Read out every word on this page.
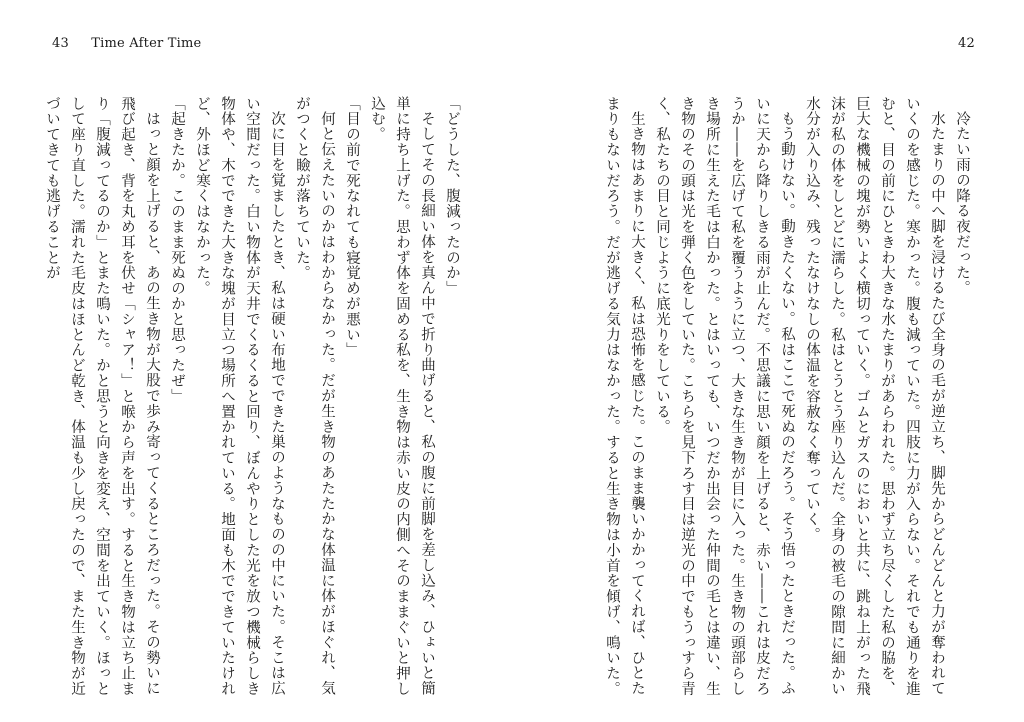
43 Time After Time	42

冷たい雨の降る夜だった。

水たまりの中へ脚を浸けるたび全身の毛が逆立ち、脚先からどんどんと力が奪われていくのを感じた。寒かった。腹も減っていた。四肢に力が入らない。それでも通りを進むと、目の前にひときわ大きな水たまりがあらわれた。思わず立ち尽くした私の脇を、巨大な機械の塊が勢いよく横切っていく。ゴムとガスのにおいと共に、跳ね上がった飛沫が私の体をしとどに濡らした。私はとうとう座り込んだ。全身の被毛の隙間に細かい水分が入り込み、残ったなけなしの体温を容赦なく奪っていく。

もう動けない。動きたくない。私はここで死ぬのだろう。そう悟ったときだった。ふいに天から降りしきる雨が止んだ。不思議に思い顔を上げると、赤い――これは皮だろうか――を広げて私を覆うように立つ、大きな生き物が目に入った。生き物の頭部らしき場所に生えた毛は白かった。とはいっても、いつだか出会った仲間の毛とは違い、生き物のその頭は光を弾く色をしていた。こちらを見下ろす目は逆光の中でもうっすら青く、私たちの目と同じように底光りをしている。

生き物はあまりに大きく、私は恐怖を感じた。このまま襲いかかってくれば、ひとたまりもないだろう。だが逃げる気力はなかった。すると生き物は小首を傾げ、鳴いた。

「どうした、腹減ったのか」

そしてその長細い体を真ん中で折り曲げると、私の腹に前脚を差し込み、ひょいと簡単に持ち上げた。思わず体を固める私を、生き物は赤い皮の内側へそのままぐいと押し込む。

「目の前で死なれても寝覚めが悪い」

何と伝えたいのかはわからなかった。だが生き物のあたたかな体温に体がほぐれ、気がつくと瞼が落ちていた。

次に目を覚ましたとき、私は硬い布地でできた巣のようなものの中にいた。そこは広い空間だった。白い物体が天井でくるくると回り、ぼんやりとした光を放つ機械らしき物体や、木でできた大きな塊が目立つ場所へ置かれている。地面も木でできていたけれど、外ほど寒くはなかった。

「起きたか。このまま死ぬのかと思ったぜ」

はっと顔を上げると、あの生き物が大股で歩み寄ってくるところだった。その勢いに飛び起き、背を丸め耳を伏せ「シャア！」と喉から声を出す。すると生き物は立ち止まり「腹減ってるのか」とまた鳴いた。かと思うと向きを変え、空間を出ていく。ほっとして座り直した。濡れた毛皮はほとんど乾き、体温も少し戻ったので、また生き物が近づいてきても逃げることが
